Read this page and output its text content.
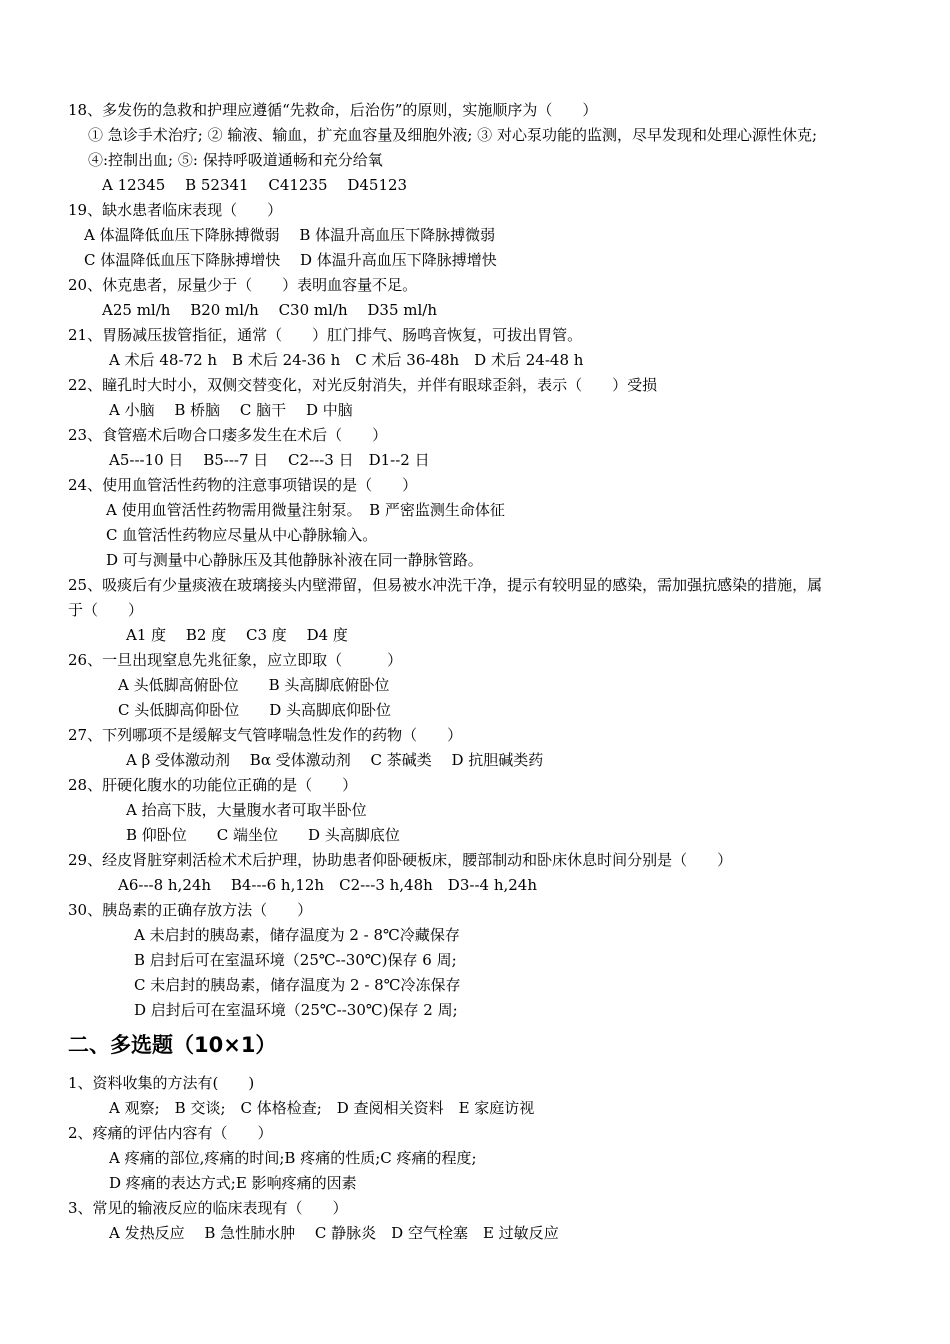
18、多发伤的急救和护理应遵循“先救命，后治伤”的原则，实施顺序为（　　）
① 急诊手术治疗; ② 输液、输血，扩充血容量及细胞外液; ③ 对心泵功能的监测，尽早发现和处理心源性休克;
④:控制出血; ⑤: 保持呼吸道通畅和充分给氧
A 12345　 B 52341　 C41235　 D45123
19、缺水患者临床表现（　　）
A 体温降低血压下降脉搏微弱　 B 体温升高血压下降脉搏微弱
C 体温降低血压下降脉搏增快　 D 体温升高血压下降脉搏增快
20、休克患者，尿量少于（　　）表明血容量不足。
A25 ml/h　 B20 ml/h　 C30 ml/h　 D35 ml/h
21、胃肠减压拔管指征，通常（　　）肛门排气、肠鸣音恢复，可拔出胃管。
A 术后 48-72 h　B 术后 24-36 h　C 术后 36-48h　D 术后 24-48 h
22、瞳孔时大时小，双侧交替变化，对光反射消失，并伴有眼球歪斜，表示（　　）受损
A 小脑　 B 桥脑　 C 脑干　 D 中脑
23、食管癌术后吻合口瘘多发生在术后（　　）
A5---10 日　 B5---7 日　 C2---3 日　D1--2 日
24、使用血管活性药物的注意事项错误的是（　　）
A 使用血管活性药物需用微量注射泵。　B 严密监测生命体征
C 血管活性药物应尽量从中心静脉输入。
D 可与测量中心静脉压及其他静脉补液在同一静脉管路。
25、吸痰后有少量痰液在玻璃接头内壁滞留，但易被水冲洗干净，提示有较明显的感染，需加强抗感染的措施，属
于（　　）
A1 度　 B2 度　 C3 度　 D4 度
26、一旦出现窒息先兆征象，应立即取（　　　）
A 头低脚高俯卧位　　B 头高脚底俯卧位
C 头低脚高仰卧位　　D 头高脚底仰卧位
27、下列哪项不是缓解支气管哮喘急性发作的药物（　　）
A β 受体激动剂　 Bα 受体激动剂　 C 茶碱类　 D 抗胆碱类药
28、肝硬化腹水的功能位正确的是（　　）
A 抬高下肢，大量腹水者可取半卧位
B 仰卧位　　C 端坐位　　D 头高脚底位
29、经皮肾脏穿刺活检术术后护理，协助患者仰卧硬板床，腰部制动和卧床休息时间分别是（　　）
A6---8 h,24h　 B4---6 h,12h　C2---3 h,48h　D3--4 h,24h
30、胰岛素的正确存放方法（　　）
A 未启封的胰岛素，储存温度为 2 - 8℃冷藏保存
B 启封后可在室温环境（25℃--30℃)保存 6 周;
C 未启封的胰岛素，储存温度为 2 - 8℃冷冻保存
D 启封后可在室温环境（25℃--30℃)保存 2 周;
二、多选题（10×1）
1、资料收集的方法有(　　)
A 观察;　B 交谈;　C 体格检查;　D 查阅相关资料　E 家庭访视
2、疼痛的评估内容有（　　）
A 疼痛的部位,疼痛的时间;B 疼痛的性质;C 疼痛的程度;
D 疼痛的表达方式;E 影响疼痛的因素
3、常见的输液反应的临床表现有（　　）
A 发热反应　 B 急性肺水肿　 C 静脉炎　D 空气栓塞　E 过敏反应
